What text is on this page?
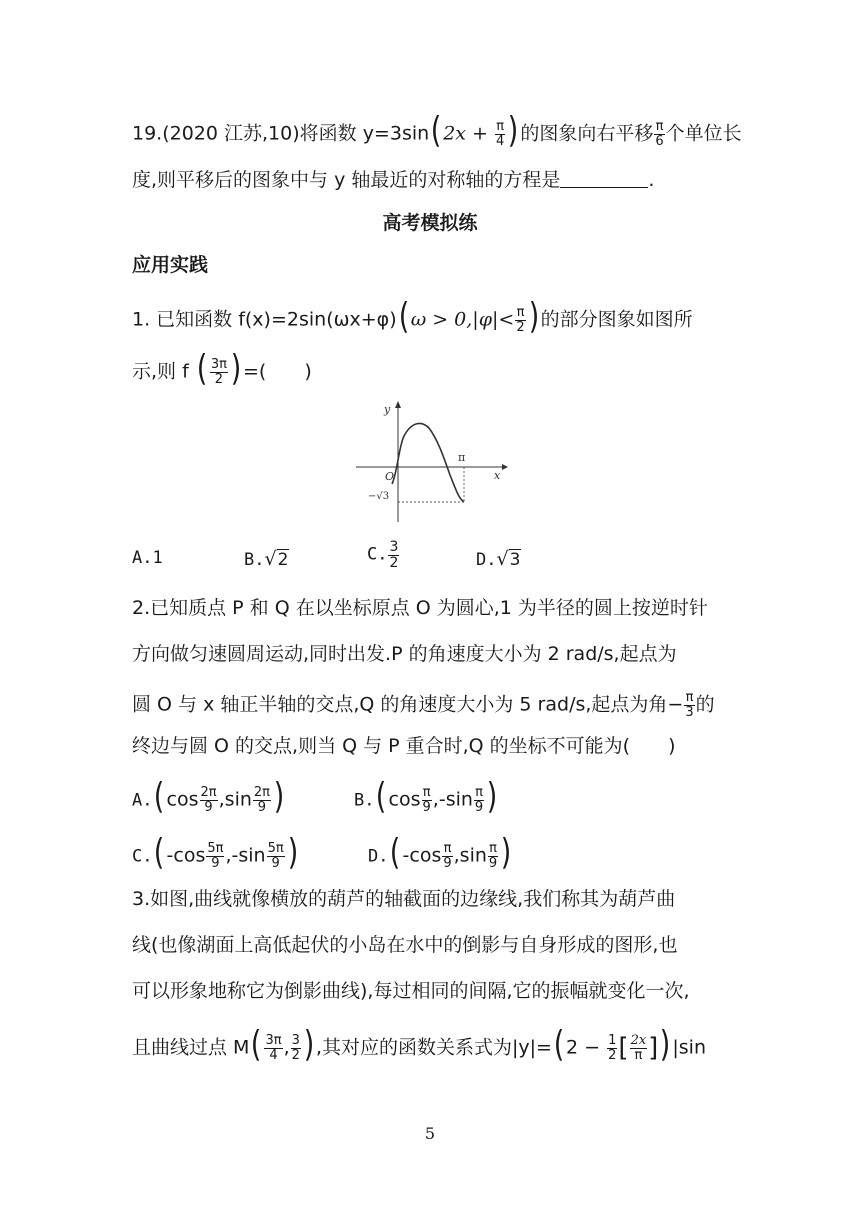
19.(2020 江苏,10)将函数 $y=3\sin(2x + \frac{\pi}{4}$ )的图象向右平移 $\frac{\pi}{6}$ 个单位长
度,则平移后的图象中与 y 轴最近的对称轴的方程是	.
高考模拟练
应用实践
1. 已知函数 $f(x)=2\sin(\omega x+\varphi)(\omega > 0,|\varphi|< \frac{\pi}{2}$ )的部分图象如图所
示,则 f ( $\frac{3\pi}{2}$ )=(　　)
y
x
O
π
−√3
A.1	B.√2	C. $\frac{3}{2}$	D.√3
2.已知质点 P 和 Q 在以坐标原点 O 为圆心,1 为半径的圆上按逆时针
方向做匀速圆周运动,同时出发.P 的角速度大小为 2 rad/s,起点为
圆 O 与 x 轴正半轴的交点,Q 的角速度大小为 5 rad/s,起点为角− $\frac{\pi}{3}$ 的
终边与圆 O 的交点,则当 Q 与 P 重合时,Q 的坐标不可能为(　　)
$A.(\cos \frac{2\pi}{9} ,\sin \frac{2\pi}{9}$ )	$B.(\cos \frac{\pi}{9} ,-\sin \frac{\pi}{9}$ )
$C.(-\cos \frac{5\pi}{9} ,-\sin \frac{5\pi}{9}$ )	$D.(-\cos \frac{\pi}{9} ,\sin \frac{\pi}{9}$ )
3.如图,曲线就像横放的葫芦的轴截面的边缘线,我们称其为葫芦曲
线(也像湖面上高低起伏的小岛在水中的倒影与自身形成的图形,也
可以形象地称它为倒影曲线),每过相同的间隔,它的振幅就变化一次,
且曲线过点 $M( \frac{3\pi}{4}$ , $\frac{3}{2}$ ),其对应的函数关系式为$|y|=(2 - \frac{1}{2}$ [ $\frac{2x}{\pi} ])|\sin$
5
